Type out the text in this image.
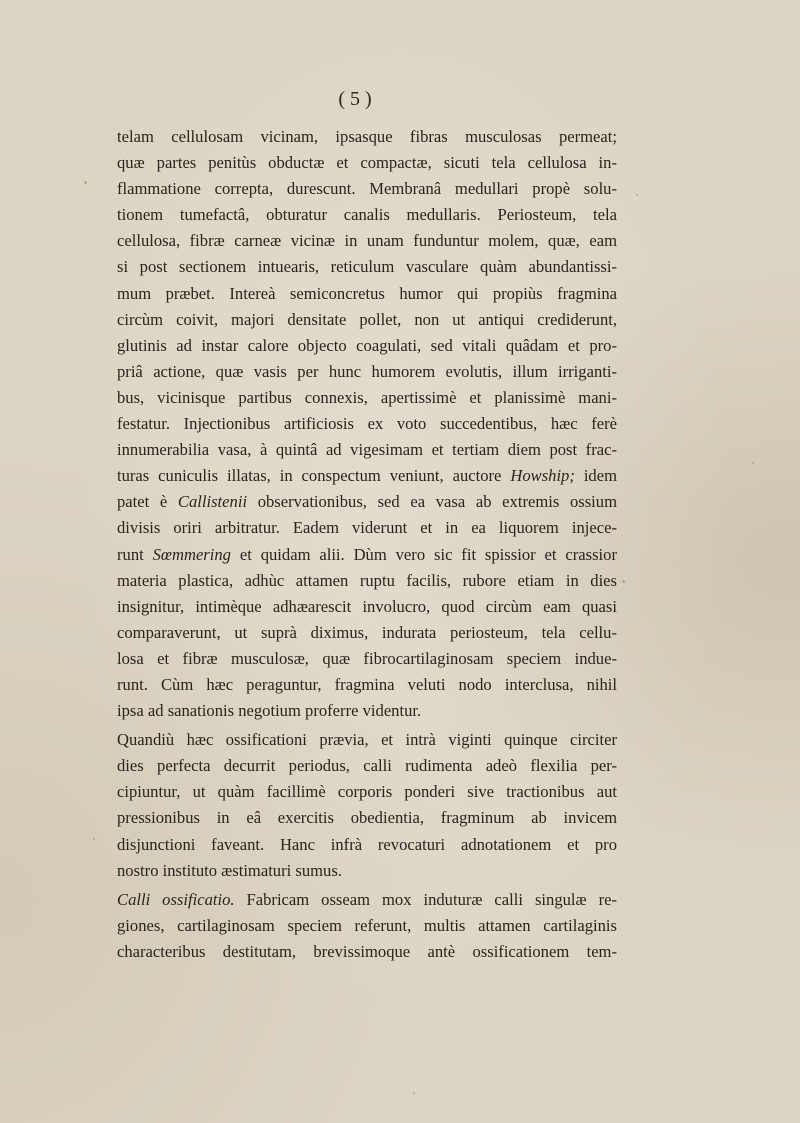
( 5 )
telam cellulosam vicinam, ipsasque fibras musculosas permeat;
quæ partes penitùs obductæ et compactæ, sicuti tela cellulosa in-
flammatione correpta, durescunt. Membranâ medullari propè solu-
tionem tumefactâ, obturatur canalis medullaris. Periosteum, tela
cellulosa, fibræ carneæ vicinæ in unam funduntur molem, quæ, eam
si post sectionem intuearis, reticulum vasculare quàm abundantissi-
mum præbet. Intereà semiconcretus humor qui propiùs fragmina
circùm coivit, majori densitate pollet, non ut antiqui crediderunt,
glutinis ad instar calore objecto coagulati, sed vitali quâdam et pro-
priâ actione, quæ vasis per hunc humorem evolutis, illum irriganti-
bus, vicinisque partibus connexis, apertissimè et planissimè mani-
festatur. Injectionibus artificiosis ex voto succedentibus, hæc ferè
innumerabilia vasa, à quintâ ad vigesimam et tertiam diem post frac-
turas cuniculis illatas, in conspectum veniunt, auctore Howship; idem
patet è Callistenii observationibus, sed ea vasa ab extremis ossium
divisis oriri arbitratur. Eadem viderunt et in ea liquorem injece-
runt Sœmmering et quidam alii. Dùm vero sic fit spissior et crassior
materia plastica, adhùc attamen ruptu facilis, rubore etiam in dies
insignitur, intimèque adhæarescit involucro, quod circùm eam quasi
comparaverunt, ut suprà diximus, indurata periosteum, tela cellu-
losa et fibræ musculosæ, quæ fibrocartilaginosam speciem indue-
runt. Cùm hæc peraguntur, fragmina veluti nodo interclusa, nihil
ipsa ad sanationis negotium proferre videntur.
Quandiù hæc ossificationi prævia, et intrà viginti quinque circiter
dies perfecta decurrit periodus, calli rudimenta adeò flexilia per-
cipiuntur, ut quàm facillimè corporis ponderi sive tractionibus aut
pressionibus in eâ exercitis obedientia, fragminum ab invicem
disjunctioni faveant. Hanc infrà revocaturi adnotationem et pro
nostro instituto æstimaturi sumus.
Calli ossificatio. Fabricam osseam mox induturæ calli singulæ re-
giones, cartilaginosam speciem referunt, multis attamen cartilaginis
characteribus destitutam, brevissimoque antè ossificationem tem-
